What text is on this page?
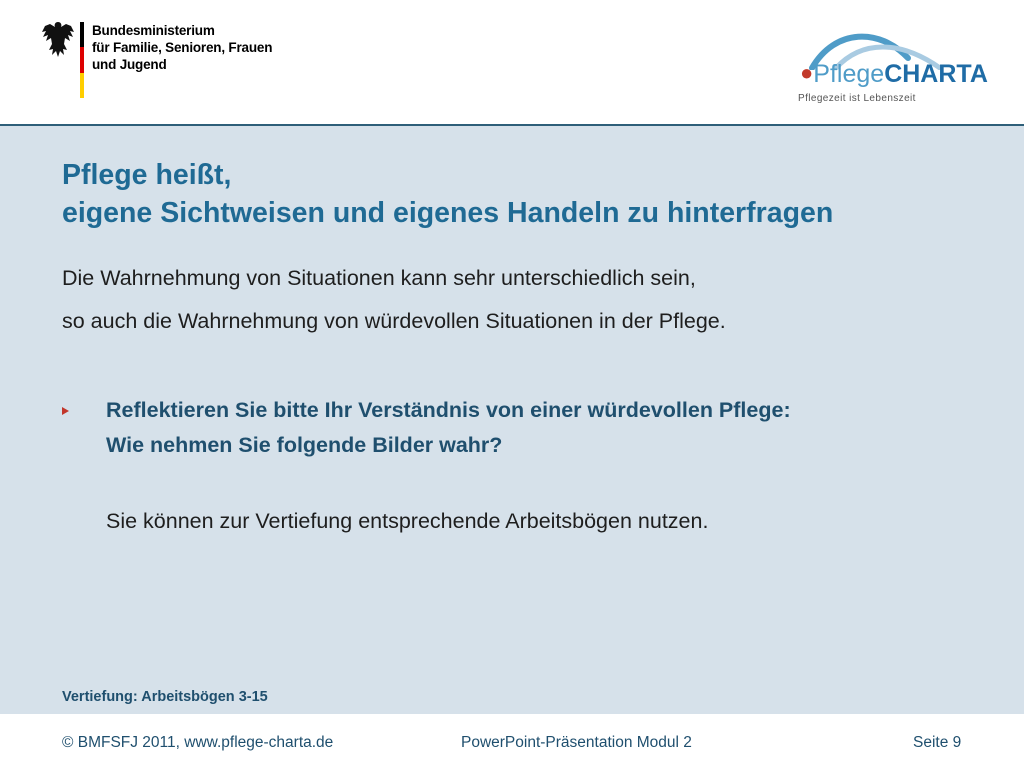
Bundesministerium
für Familie, Senioren, Frauen
und Jugend	●PflegeCHARTA
Pflegezeit ist Lebenszeit
Pflege heißt,
eigene Sichtweisen und eigenes Handeln zu hinterfragen

Die Wahrnehmung von Situationen kann sehr unterschiedlich sein,

so auch die Wahrnehmung von würdevollen Situationen in der Pflege.

Reflektieren Sie bitte Ihr Verständnis von einer würdevollen Pflege:
Wie nehmen Sie folgende Bilder wahr?

Sie können zur Vertiefung entsprechende Arbeitsbögen nutzen.

Vertiefung: Arbeitsbögen 3-15

© BMFSFJ 2011, www.pflege-charta.de	PowerPoint-Präsentation Modul 2	Seite 9
